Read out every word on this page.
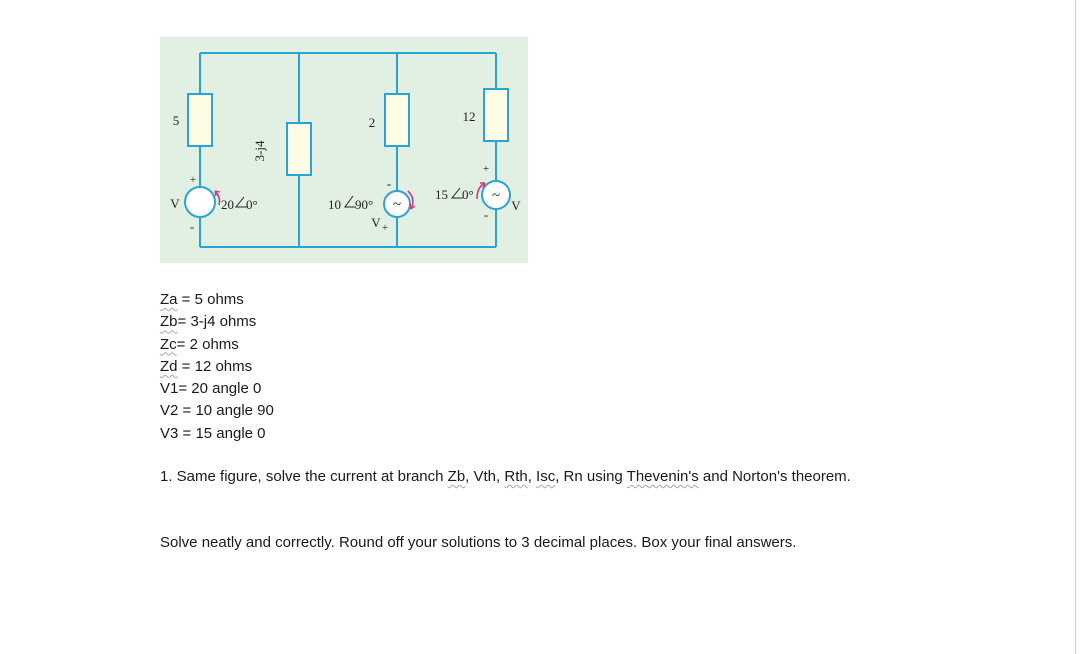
5
3-j4
2	12
+
-
V	20 0°	~
-
10 90°
V +
~
+
-
15 0°
V
Za = 5 ohms
Zb= 3-j4 ohms
Zc= 2 ohms
Zd = 12 ohms
V1= 20 angle 0
V2 = 10 angle 90
V3 = 15 angle 0
1. Same figure, solve the current at branch Zb, Vth, Rth, Isc, Rn using Thevenin's and Norton's theorem.
Solve neatly and correctly. Round off your solutions to 3 decimal places. Box your final answers.
